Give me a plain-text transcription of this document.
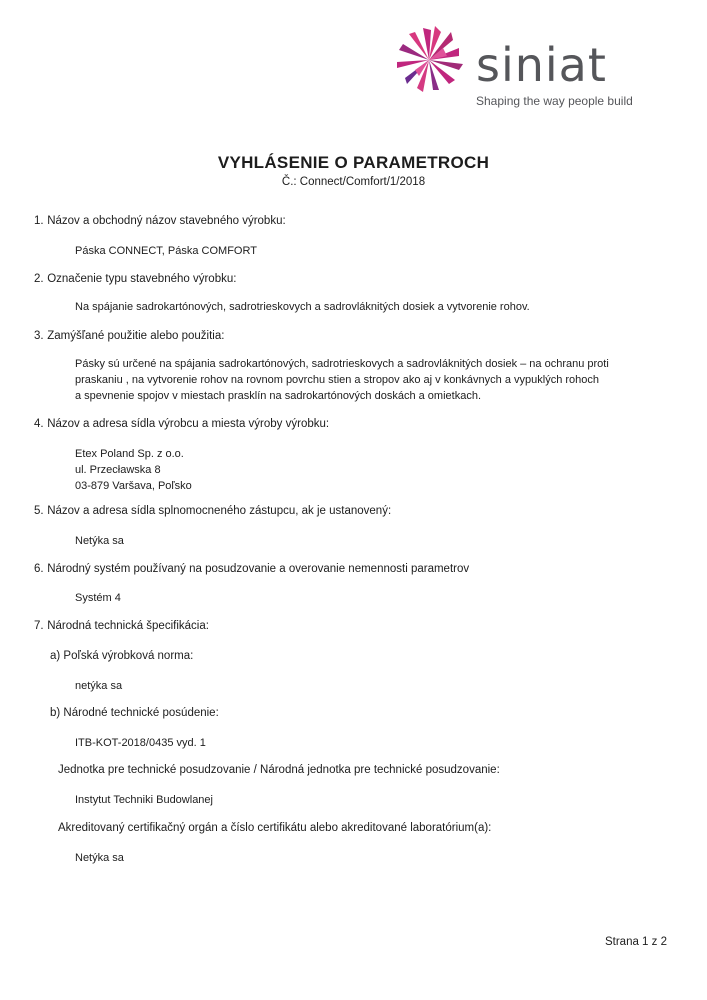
siniat
Shaping the way people build
VYHLÁSENIE O PARAMETROCH
Č.: Connect/Comfort/1/2018
1. Názov a obchodný názov stavebného výrobku:
Páska CONNECT, Páska COMFORT
2. Označenie typu stavebného výrobku:
Na spájanie sadrokartónových, sadrotrieskovych a sadrovláknitých dosiek a vytvorenie rohov.
3. Zamýšľané použitie alebo použitia:
Pásky sú určené na spájania sadrokartónových, sadrotrieskovych a sadrovláknitých dosiek – na ochranu proti
praskaniu , na vytvorenie rohov na rovnom povrchu stien a stropov ako aj v konkávnych a vypuklých rohoch
a spevnenie spojov v miestach prasklín na sadrokartónových doskách a omietkach.
4. Názov a adresa sídla výrobcu a miesta výroby výrobku:
Etex Poland Sp. z o.o.
ul. Przecławska 8
03-879 Varšava, Poľsko
5. Názov a adresa sídla splnomocneného zástupcu, ak je ustanovený:
Netýka sa
6. Národný systém používaný na posudzovanie a overovanie nemennosti parametrov
Systém 4
7. Národná technická špecifikácia:
a) Poľská výrobková norma:
netýka sa
b) Národné technické posúdenie:
ITB-KOT-2018/0435 vyd. 1
Jednotka pre technické posudzovanie / Národná jednotka pre technické posudzovanie:
Instytut Techniki Budowlanej
Akreditovaný certifikačný orgán a číslo certifikátu alebo akreditované laboratórium(a):
Netýka sa
Strana 1 z 2
